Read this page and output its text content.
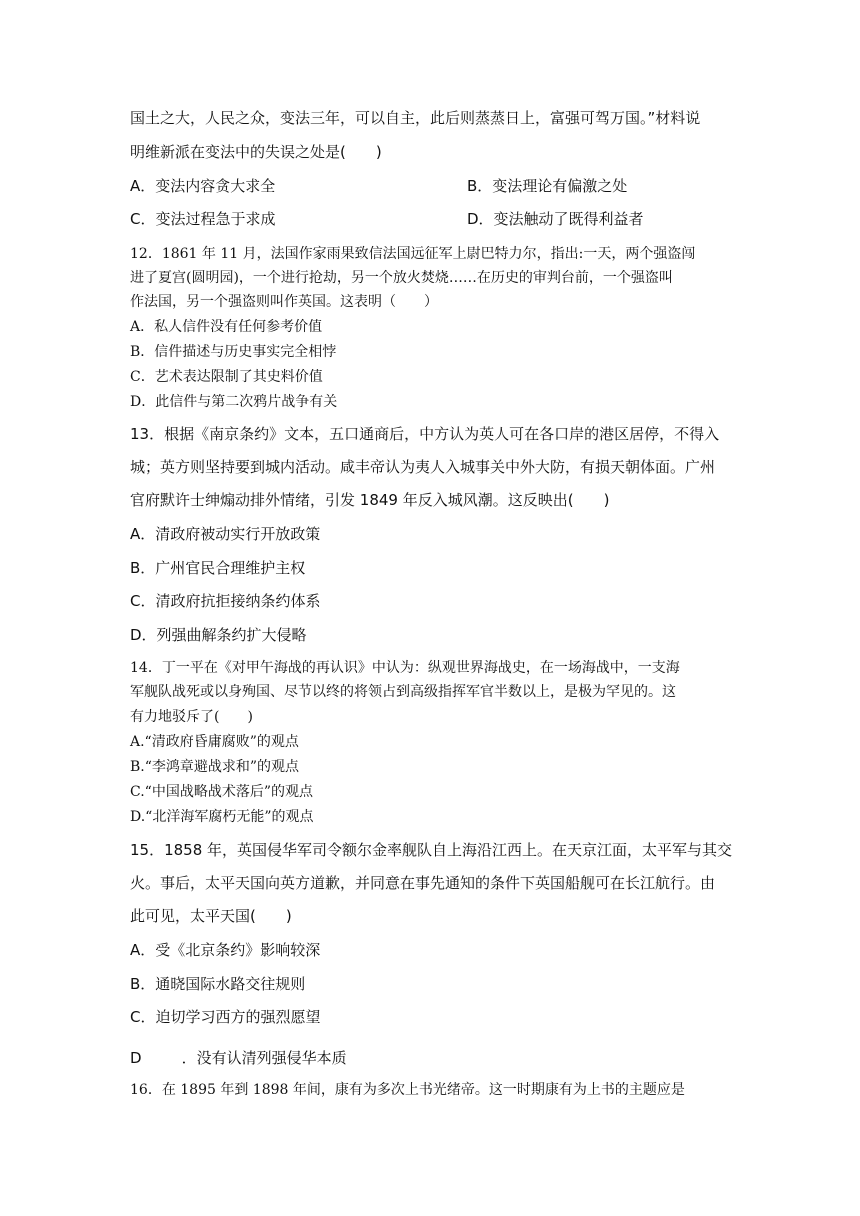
国土之大，人民之众，变法三年，可以自主，此后则蒸蒸日上，富强可驾万国。”材料说
明维新派在变法中的失误之处是(　　)
A．变法内容贪大求全	B．变法理论有偏激之处
C．变法过程急于求成	D．变法触动了既得利益者
12．1861 年 11 月，法国作家雨果致信法国远征军上尉巴特力尔，指出:一天，两个强盗闯
进了夏宫(圆明园)，一个进行抢劫，另一个放火焚烧……在历史的审判台前，一个强盗叫
作法国，另一个强盗则叫作英国。这表明（　　）
A．私人信件没有任何参考价值
B．信件描述与历史事实完全相悖
C．艺术表达限制了其史料价值
D．此信件与第二次鸦片战争有关
13．根据《南京条约》文本，五口通商后，中方认为英人可在各口岸的港区居停，不得入
城；英方则坚持要到城内活动。咸丰帝认为夷人入城事关中外大防，有损天朝体面。广州
官府默许士绅煽动排外情绪，引发 1849 年反入城风潮。这反映出(　　)
A．清政府被动实行开放政策
B．广州官民合理维护主权
C．清政府抗拒接纳条约体系
D．列强曲解条约扩大侵略
14．丁一平在《对甲午海战的再认识》中认为：纵观世界海战史，在一场海战中，一支海
军舰队战死或以身殉国、尽节以终的将领占到高级指挥军官半数以上，是极为罕见的。这
有力地驳斥了(　　)
A.“清政府昏庸腐败”的观点
B.“李鸿章避战求和”的观点
C.“中国战略战术落后”的观点
D.“北洋海军腐朽无能”的观点
15．1858 年，英国侵华军司令额尔金率舰队自上海沿江西上。在天京江面，太平军与其交
火。事后，太平天国向英方道歉，并同意在事先通知的条件下英国船舰可在长江航行。由
此可见，太平天国(　　)
A．受《北京条约》影响较深
B．通晓国际水路交往规则
C．迫切学习西方的强烈愿望
D	．没有认清列强侵华本质
16．在 1895 年到 1898 年间，康有为多次上书光绪帝。这一时期康有为上书的主题应是
